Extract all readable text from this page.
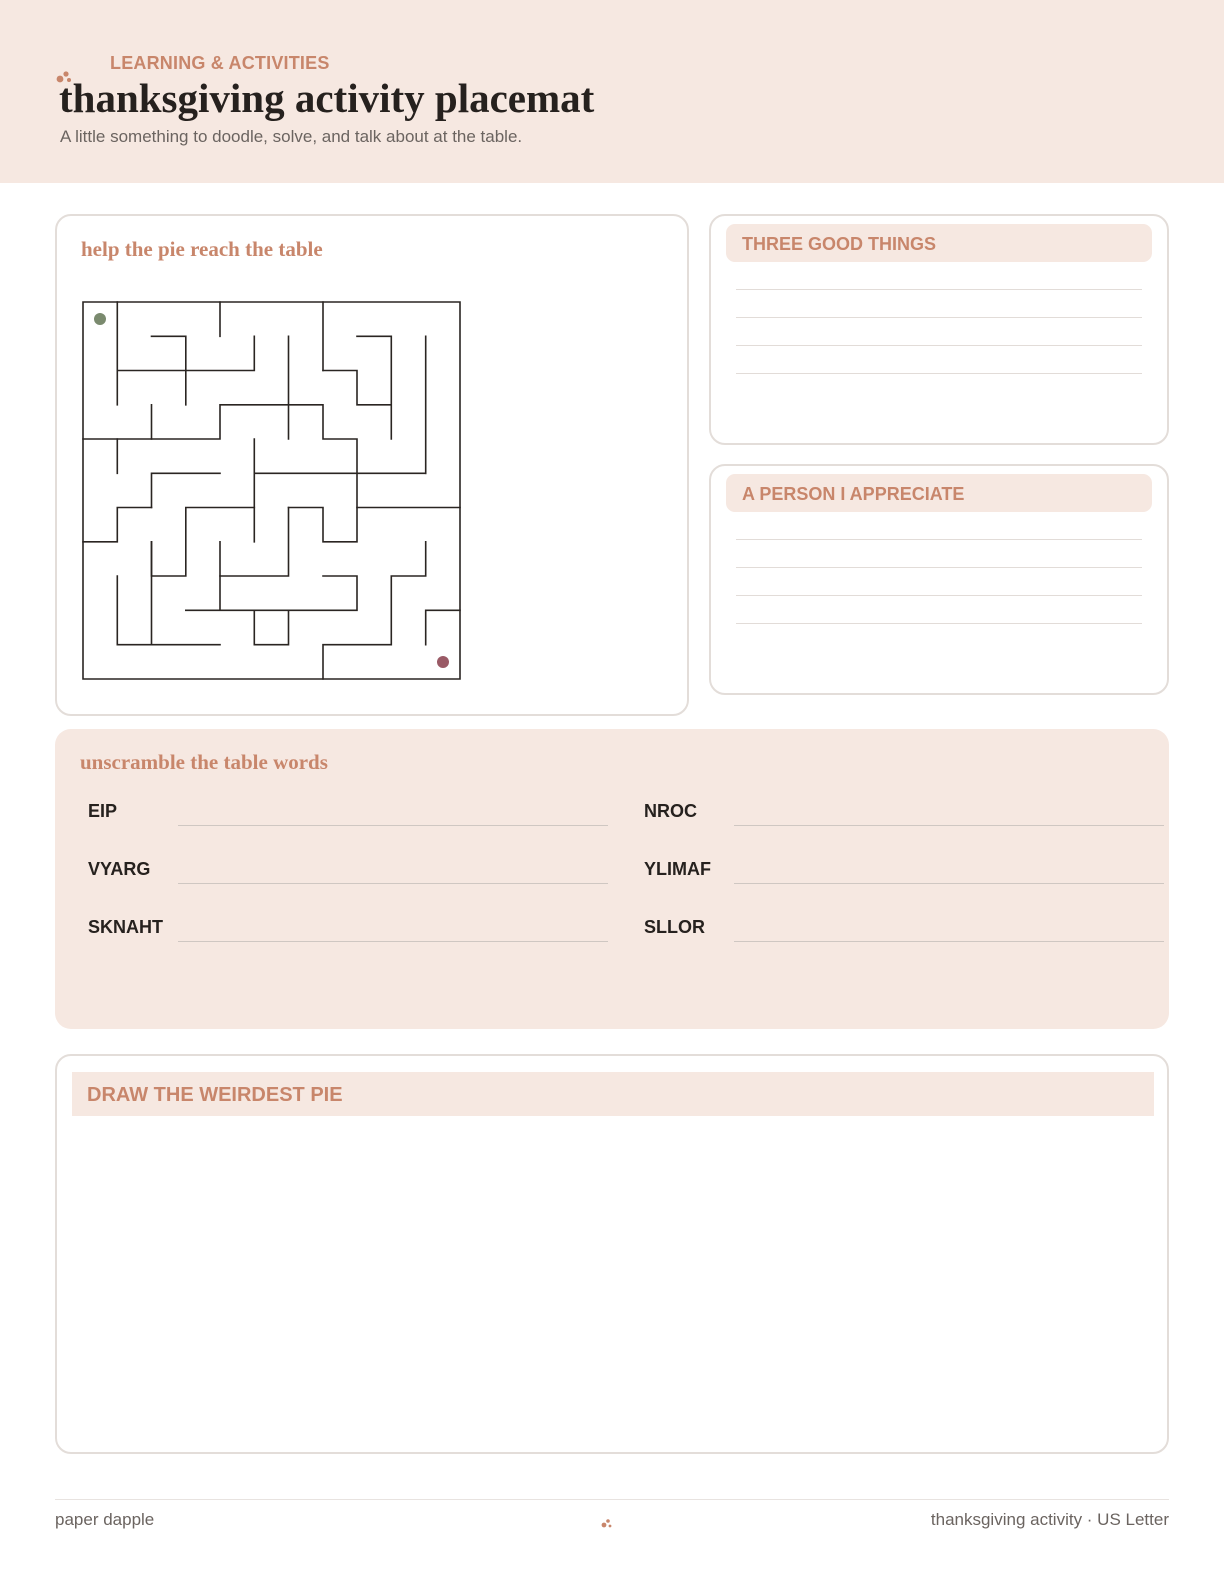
LEARNING & ACTIVITIES
thanksgiving activity placemat
A little something to doodle, solve, and talk about at the table.
help the pie reach the table	THREE GOOD THINGS
A PERSON I APPRECIATE
unscramble the table words
EIP	NROC
VYARG	YLIMAF
SKNAHT	SLLOR
DRAW THE WEIRDEST PIE
paper dapple	thanksgiving activity · US Letter
